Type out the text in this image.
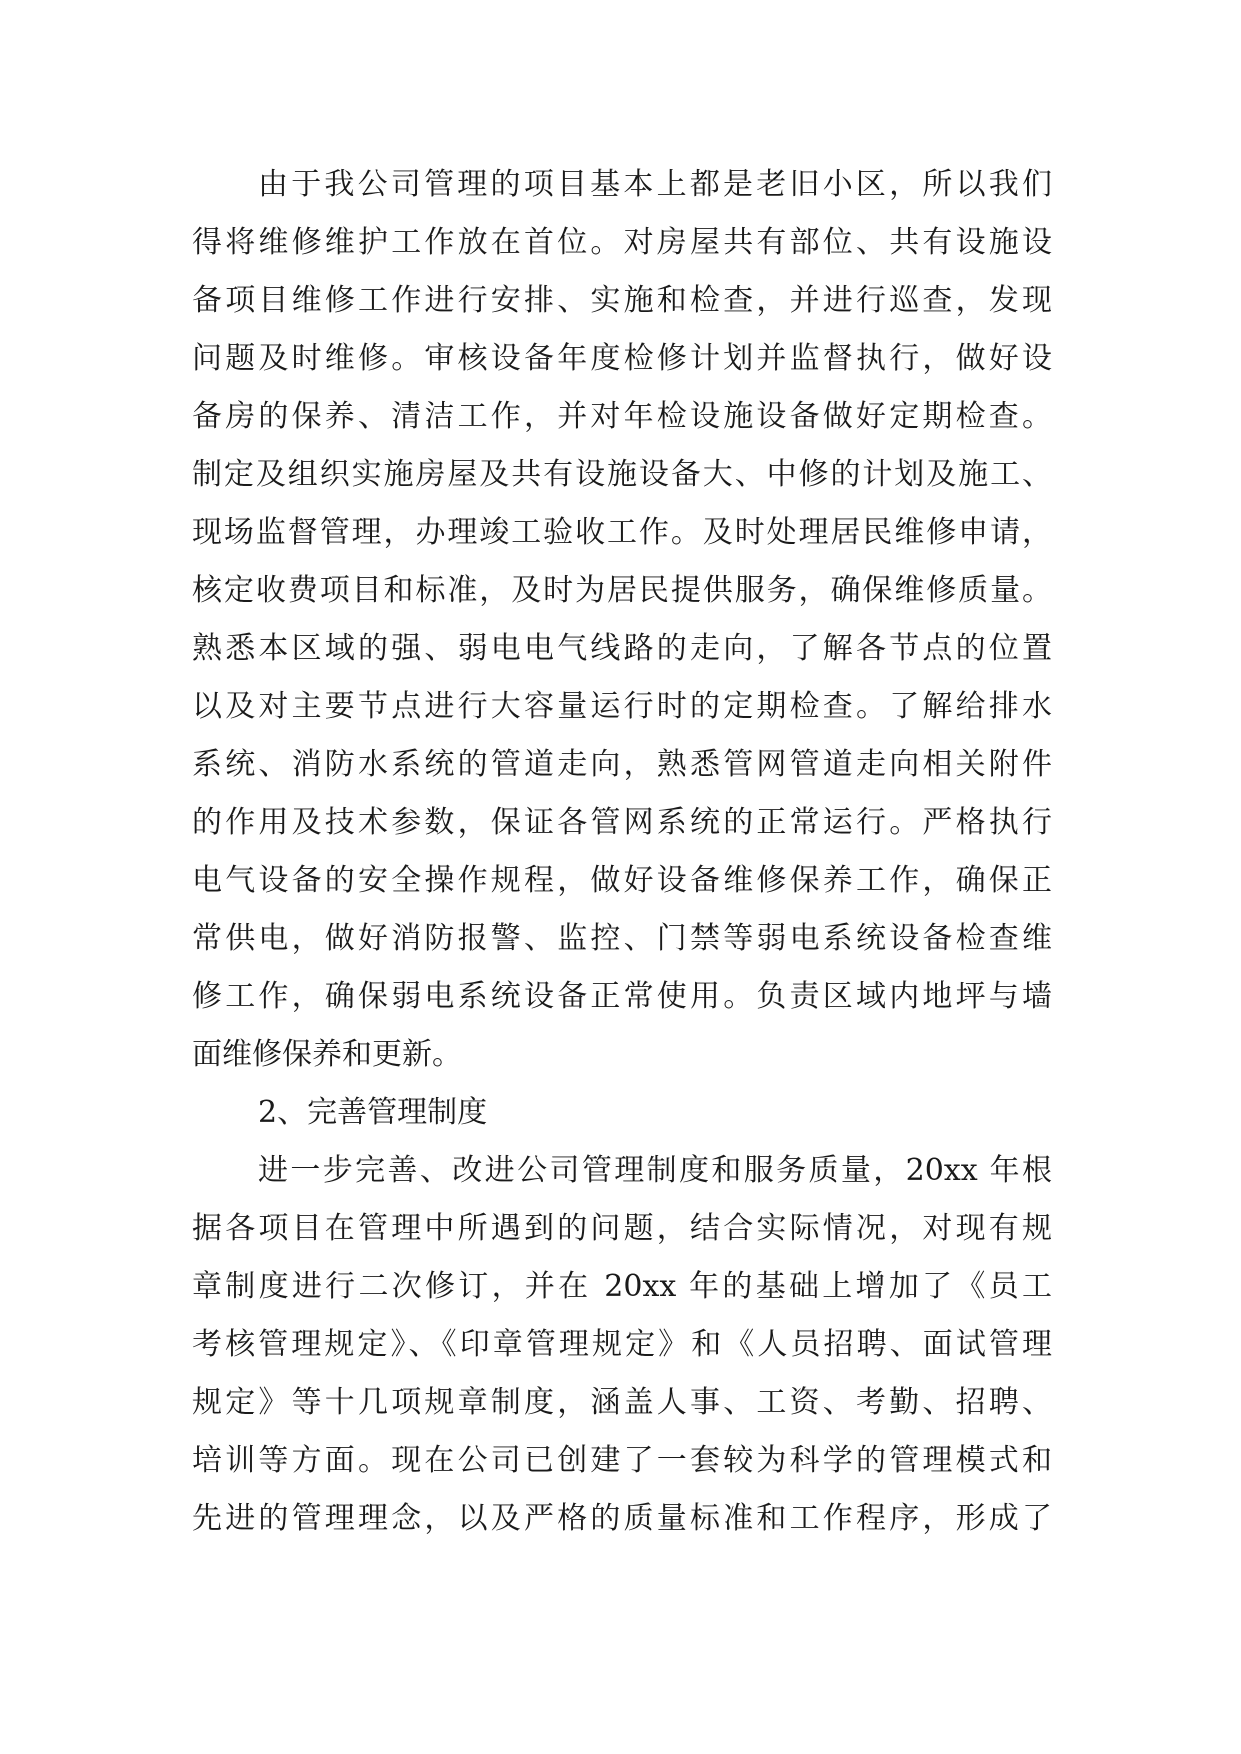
由于我公司管理的项目基本上都是老旧小区，所以我们
得将维修维护工作放在首位。对房屋共有部位、共有设施设
备项目维修工作进行安排、实施和检查，并进行巡查，发现
问题及时维修。审核设备年度检修计划并监督执行，做好设
备房的保养、清洁工作，并对年检设施设备做好定期检查。
制定及组织实施房屋及共有设施设备大、中修的计划及施工、
现场监督管理，办理竣工验收工作。及时处理居民维修申请，
核定收费项目和标准，及时为居民提供服务，确保维修质量。
熟悉本区域的强、弱电电气线路的走向，了解各节点的位置
以及对主要节点进行大容量运行时的定期检查。了解给排水
系统、消防水系统的管道走向，熟悉管网管道走向相关附件
的作用及技术参数，保证各管网系统的正常运行。严格执行
电气设备的安全操作规程，做好设备维修保养工作，确保正
常供电，做好消防报警、监控、门禁等弱电系统设备检查维
修工作，确保弱电系统设备正常使用。负责区域内地坪与墙
面维修保养和更新。
2、完善管理制度
进一步完善、改进公司管理制度和服务质量，20xx 年根
据各项目在管理中所遇到的问题，结合实际情况，对现有规
章制度进行二次修订，并在 20xx 年的基础上增加了《员工
考核管理规定》、《印章管理规定》和《人员招聘、面试管理
规定》等十几项规章制度，涵盖人事、工资、考勤、招聘、
培训等方面。现在公司已创建了一套较为科学的管理模式和
先进的管理理念，以及严格的质量标准和工作程序，形成了
